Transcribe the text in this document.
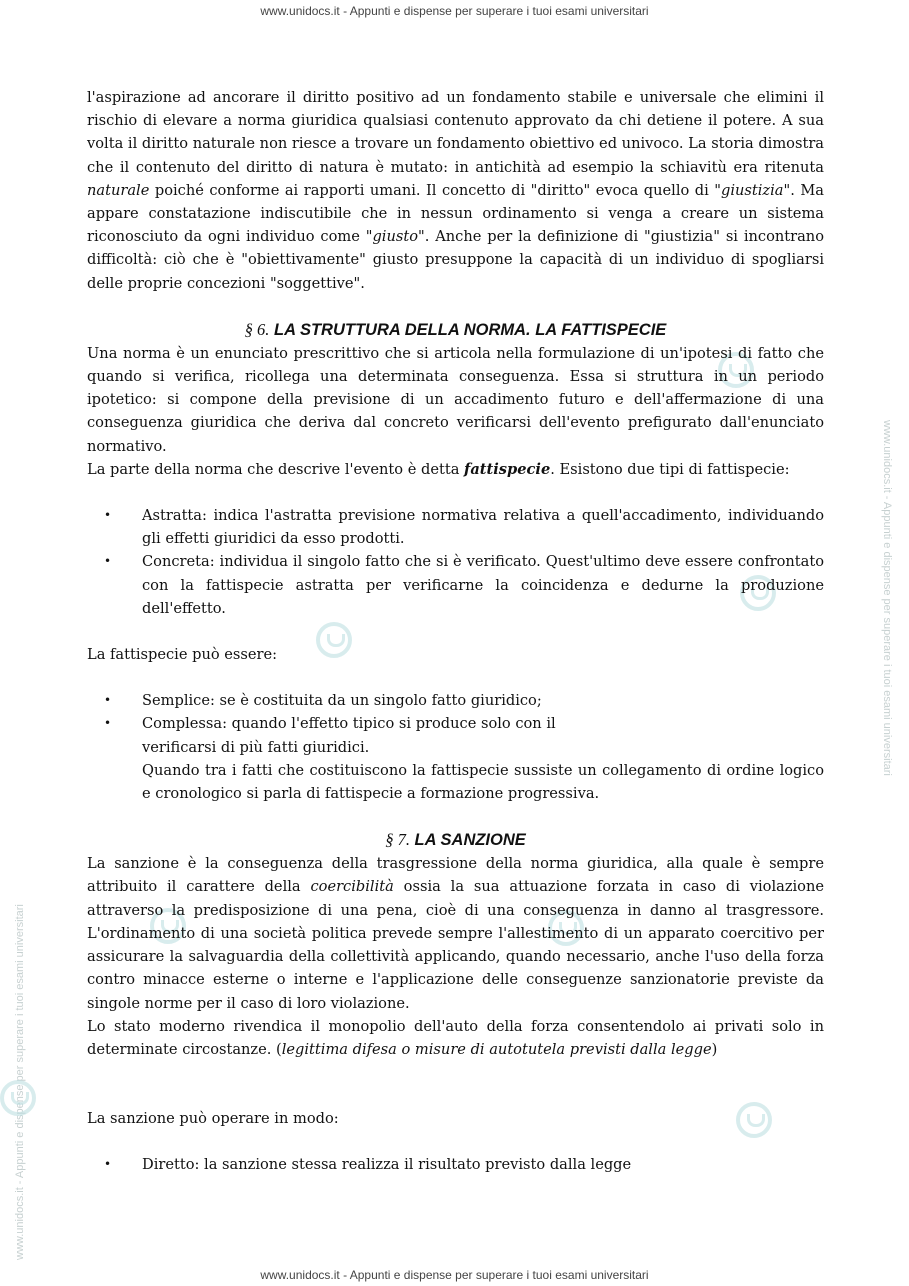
www.unidocs.it - Appunti e dispense per superare i tuoi esami universitari
www.unidocs.it - Appunti e dispense per superare i tuoi esami universitari
www.unidocs.it - Appunti e dispense per superare i tuoi esami universitari

l'aspirazione ad ancorare il diritto positivo ad un fondamento stabile e universale che elimini il rischio di elevare a norma giuridica qualsiasi contenuto approvato da chi detiene il potere. A sua volta il diritto naturale non riesce a trovare un fondamento obiettivo ed univoco. La storia dimostra che il contenuto del diritto di natura è mutato: in antichità ad esempio la schiavitù era ritenuta naturale poiché conforme ai rapporti umani. Il concetto di "diritto" evoca quello di "giustizia". Ma appare constatazione indiscutibile che in nessun ordinamento si venga a creare un sistema riconosciuto da ogni individuo come "giusto". Anche per la definizione di "giustizia" si incontrano difficoltà: ciò che è "obiettivamente" giusto presuppone la capacità di un individuo di spogliarsi delle proprie concezioni "soggettive".

§ 6. LA STRUTTURA DELLA NORMA. LA FATTISPECIE

Una norma è un enunciato prescrittivo che si articola nella formulazione di un'ipotesi di fatto che quando si verifica, ricollega una determinata conseguenza. Essa si struttura in un periodo ipotetico: si compone della previsione di un accadimento futuro e dell'affermazione di una conseguenza giuridica che deriva dal concreto verificarsi dell'evento prefigurato dall'enunciato normativo.

La parte della norma che descrive l'evento è detta fattispecie. Esistono due tipi di fattispecie:

• Astratta: indica l'astratta previsione normativa relativa a quell'accadimento, individuando gli effetti giuridici da esso prodotti.
• Concreta: individua il singolo fatto che si è verificato. Quest'ultimo deve essere confrontato con la fattispecie astratta per verificarne la coincidenza e dedurne la produzione dell'effetto.

La fattispecie può essere:

• Semplice: se è costituita da un singolo fatto giuridico;
• Complessa: quando l'effetto tipico si produce solo con il
verificarsi di più fatti giuridici.
Quando tra i fatti che costituiscono la fattispecie sussiste un collegamento di ordine logico e cronologico si parla di fattispecie a formazione progressiva.
§ 7. LA SANZIONE

La sanzione è la conseguenza della trasgressione della norma giuridica, alla quale è sempre attribuito il carattere della coercibilità ossia la sua attuazione forzata in caso di violazione attraverso la predisposizione di una pena, cioè di una conseguenza in danno al trasgressore. L'ordinamento di una società politica prevede sempre l'allestimento di un apparato coercitivo per assicurare la salvaguardia della collettività applicando, quando necessario, anche l'uso della forza contro minacce esterne o interne e l'applicazione delle conseguenze sanzionatorie previste da singole norme per il caso di loro violazione.

Lo stato moderno rivendica il monopolio dell'auto della forza consentendolo ai privati solo in determinate circostanze. (legittima difesa o misure di autotutela previsti dalla legge)

La sanzione può operare in modo:

• Diretto: la sanzione stessa realizza il risultato previsto dalla legge
www.unidocs.it - Appunti e dispense per superare i tuoi esami universitari
